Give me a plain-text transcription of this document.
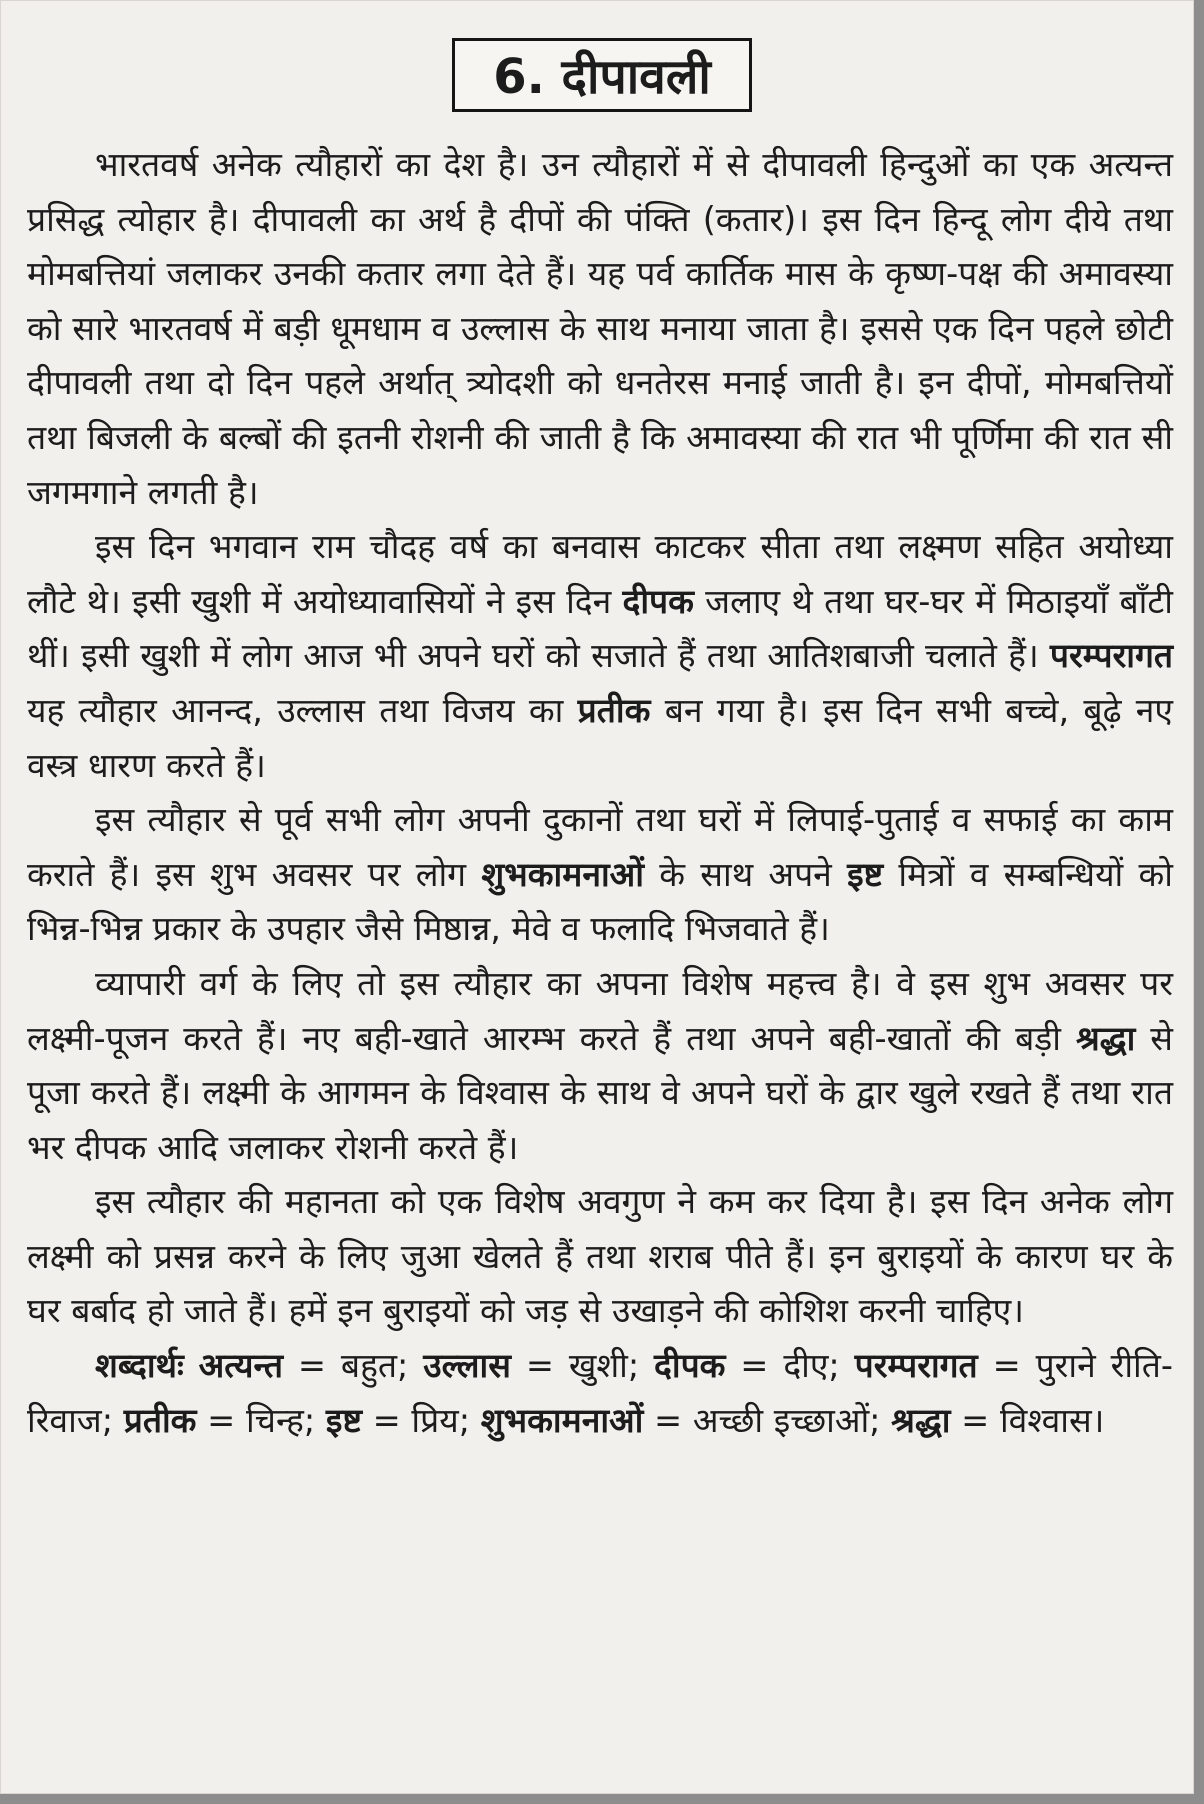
6. दीपावली

भारतवर्ष अनेक त्यौहारों का देश है। उन त्यौहारों में से दीपावली हिन्दुओं का एक अत्यन्त प्रसिद्ध त्योहार है। दीपावली का अर्थ है दीपों की पंक्ति (कतार)। इस दिन हिन्दू लोग दीये तथा मोमबत्तियां जलाकर उनकी कतार लगा देते हैं। यह पर्व कार्तिक मास के कृष्ण-पक्ष की अमावस्या को सारे भारतवर्ष में बड़ी धूमधाम व उल्लास के साथ मनाया जाता है। इससे एक दिन पहले छोटी दीपावली तथा दो दिन पहले अर्थात् त्र्योदशी को धनतेरस मनाई जाती है। इन दीपों, मोमबत्तियों तथा बिजली के बल्बों की इतनी रोशनी की जाती है कि अमावस्या की रात भी पूर्णिमा की रात सी जगमगाने लगती है।

इस दिन भगवान राम चौदह वर्ष का बनवास काटकर सीता तथा लक्ष्मण सहित अयोध्या लौटे थे। इसी खुशी में अयोध्यावासियों ने इस दिन दीपक जलाए थे तथा घर-घर में मिठाइयाँ बाँटी थीं। इसी खुशी में लोग आज भी अपने घरों को सजाते हैं तथा आतिशबाजी चलाते हैं। परम्परागत यह त्यौहार आनन्द, उल्लास तथा विजय का प्रतीक बन गया है। इस दिन सभी बच्चे, बूढ़े नए वस्त्र धारण करते हैं।

इस त्यौहार से पूर्व सभी लोग अपनी दुकानों तथा घरों में लिपाई-पुताई व सफाई का काम कराते हैं। इस शुभ अवसर पर लोग शुभकामनाओं के साथ अपने इष्ट मित्रों व सम्बन्धियों को भिन्न-भिन्न प्रकार के उपहार जैसे मिष्ठान्न, मेवे व फलादि भिजवाते हैं।

व्यापारी वर्ग के लिए तो इस त्यौहार का अपना विशेष महत्त्व है। वे इस शुभ अवसर पर लक्ष्मी-पूजन करते हैं। नए बही-खाते आरम्भ करते हैं तथा अपने बही-खातों की बड़ी श्रद्धा से पूजा करते हैं। लक्ष्मी के आगमन के विश्वास के साथ वे अपने घरों के द्वार खुले रखते हैं तथा रात भर दीपक आदि जलाकर रोशनी करते हैं।

इस त्यौहार की महानता को एक विशेष अवगुण ने कम कर दिया है। इस दिन अनेक लोग लक्ष्मी को प्रसन्न करने के लिए जुआ खेलते हैं तथा शराब पीते हैं। इन बुराइयों के कारण घर के घर बर्बाद हो जाते हैं। हमें इन बुराइयों को जड़ से उखाड़ने की कोशिश करनी चाहिए।

शब्दार्थः अत्यन्त = बहुत; उल्लास = खुशी; दीपक = दीए; परम्परागत = पुराने रीति-रिवाज; प्रतीक = चिन्ह; इष्ट = प्रिय; शुभकामनाओं = अच्छी इच्छाओं; श्रद्धा = विश्वास।
